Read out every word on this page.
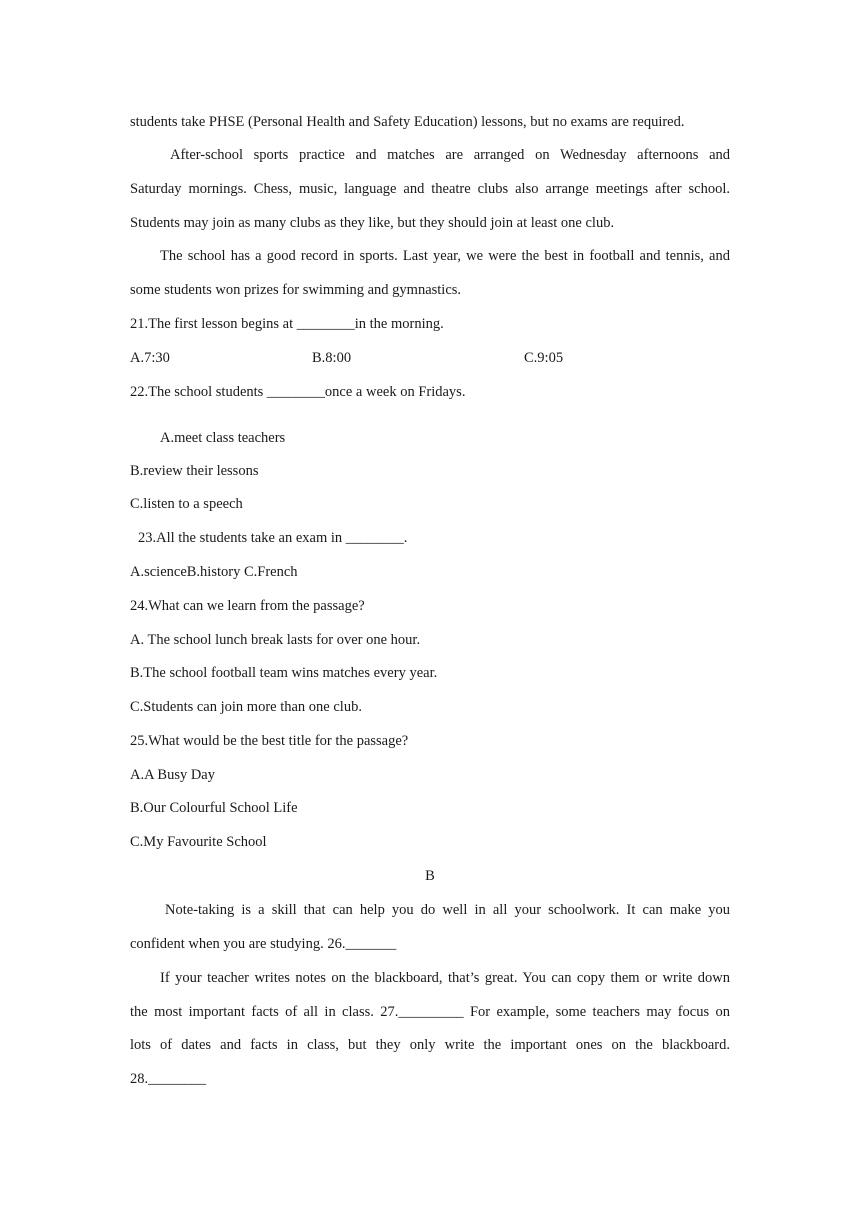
students take PHSE (Personal Health and Safety Education) lessons, but no exams are required.
After-school sports practice and matches are arranged on Wednesday afternoons and
Saturday mornings. Chess, music, language and theatre clubs also arrange meetings after school.
Students may join as many clubs as they like, but they should join at least one club.
The school has a good record in sports. Last year, we were the best in football and tennis, and
some students won prizes for swimming and gymnastics.
21.The first lesson begins at ________in the morning.
A.7:30	B.8:00	C.9:05
22.The school students ________once a week on Fridays.
A.meet class teachers
B.review their lessons
C.listen to a speech
23.All the students take an exam in ________.
A.scienceB.history C.French
24.What can we learn from the passage?
A. The school lunch break lasts for over one hour.
B.The school football team wins matches every year.
C.Students can join more than one club.
25.What would be the best title for the passage?
A.A Busy Day
B.Our Colourful School Life
C.My Favourite School
B
Note-taking is a skill that can help you do well in all your schoolwork. It can make you
confident when you are studying. 26._______
If your teacher writes notes on the blackboard, that’s great. You can copy them or write down
the most important facts of all in class. 27._________ For example, some teachers may focus on
lots of dates and facts in class, but they only write the important ones on the blackboard.
28.________
